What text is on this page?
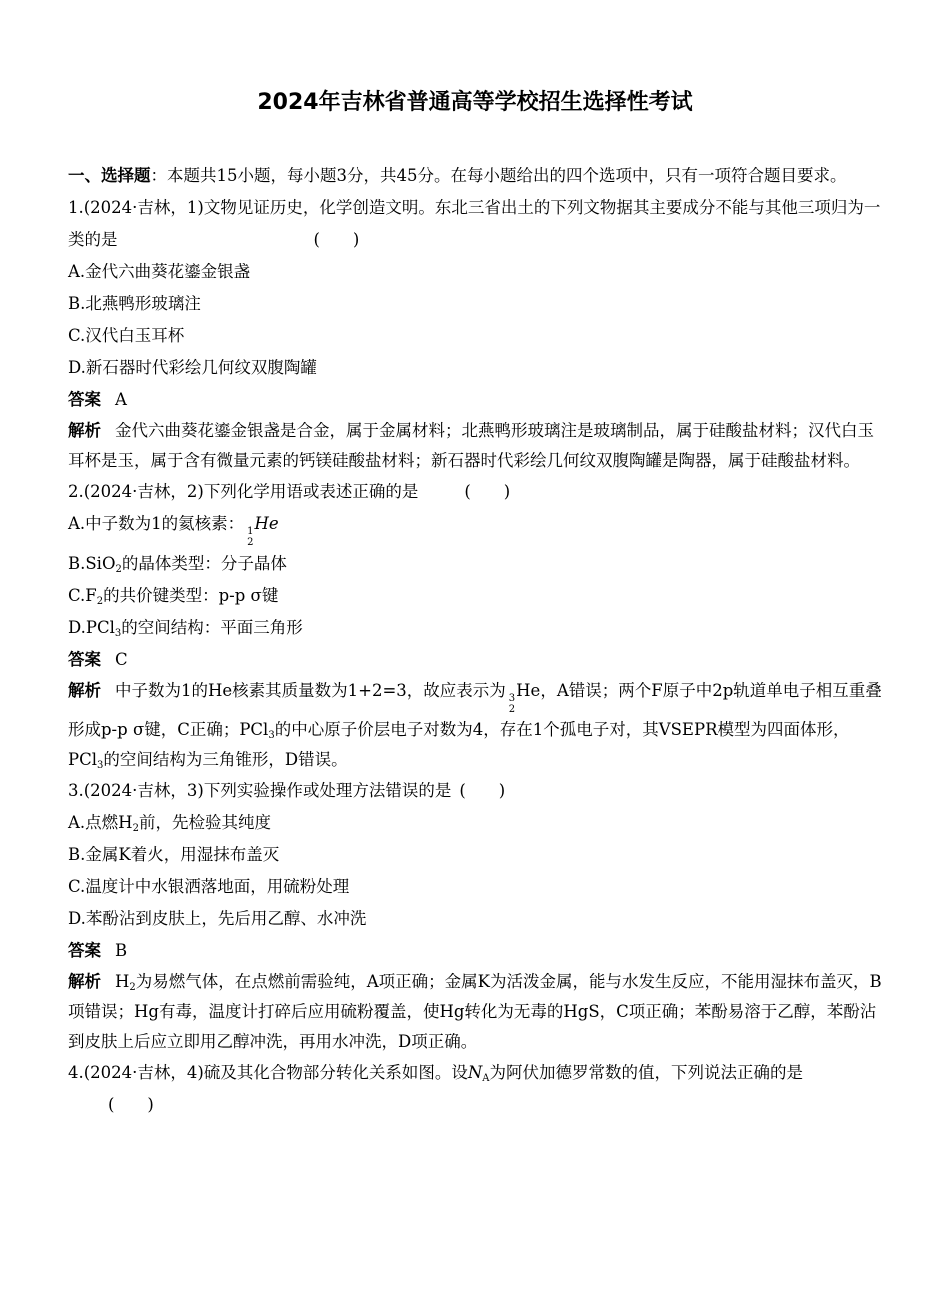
2024年吉林省普通高等学校招生选择性考试

一、选择题：本题共15小题，每小题3分，共45分。在每小题给出的四个选项中，只有一项符合题目要求。

1.(2024·吉林，1)文物见证历史，化学创造文明。东北三省出土的下列文物据其主要成分不能与其他三项归为一类的是	(　　)

A.金代六曲葵花鎏金银盏

B.北燕鸭形玻璃注

C.汉代白玉耳杯

D.新石器时代彩绘几何纹双腹陶罐

答案 A

解析 金代六曲葵花鎏金银盏是合金，属于金属材料；北燕鸭形玻璃注是玻璃制品，属于硅酸盐材料；汉代白玉耳杯是玉，属于含有微量元素的钙镁硅酸盐材料；新石器时代彩绘几何纹双腹陶罐是陶器，属于硅酸盐材料。

2.(2024·吉林，2)下列化学用语或表述正确的是	(　　)

A.中子数为1的氦核素： 1
2
He

B.SiO$_2$的晶体类型：分子晶体

$C.F_2$的共价键类型：p-p σ键

D.PCl$_3$的空间结构：平面三角形

答案 C

解析 中子数为1的He核素其质量数为1+2=3，故应表示为 3
2
He，A错误；两个F原子中2p轨道单电子相互重叠形成p-p σ键，C正确；PCl$_3$的中心原子价层电子对数为4，存在1个孤电子对，其VSEPR模型为四面体形，PCl$_3$的空间结构为三角锥形，D错误。

3.(2024·吉林，3)下列实验操作或处理方法错误的是 (　　)

A.点燃$H_2$前，先检验其纯度

B.金属K着火，用湿抹布盖灭

C.温度计中水银洒落地面，用硫粉处理

D.苯酚沾到皮肤上，先后用乙醇、水冲洗

答案 B

解析 $H_2$为易燃气体，在点燃前需验纯，A项正确；金属K为活泼金属，能与水发生反应，不能用湿抹布盖灭，B项错误；Hg有毒，温度计打碎后应用硫粉覆盖，使Hg转化为无毒的HgS，C项正确；苯酚易溶于乙醇，苯酚沾到皮肤上后应立即用乙醇冲洗，再用水冲洗，D项正确。

4.(2024·吉林，4)硫及其化合物部分转化关系如图。设$N_A$为阿伏加德罗常数的值，下列说法正确的是(　　)
